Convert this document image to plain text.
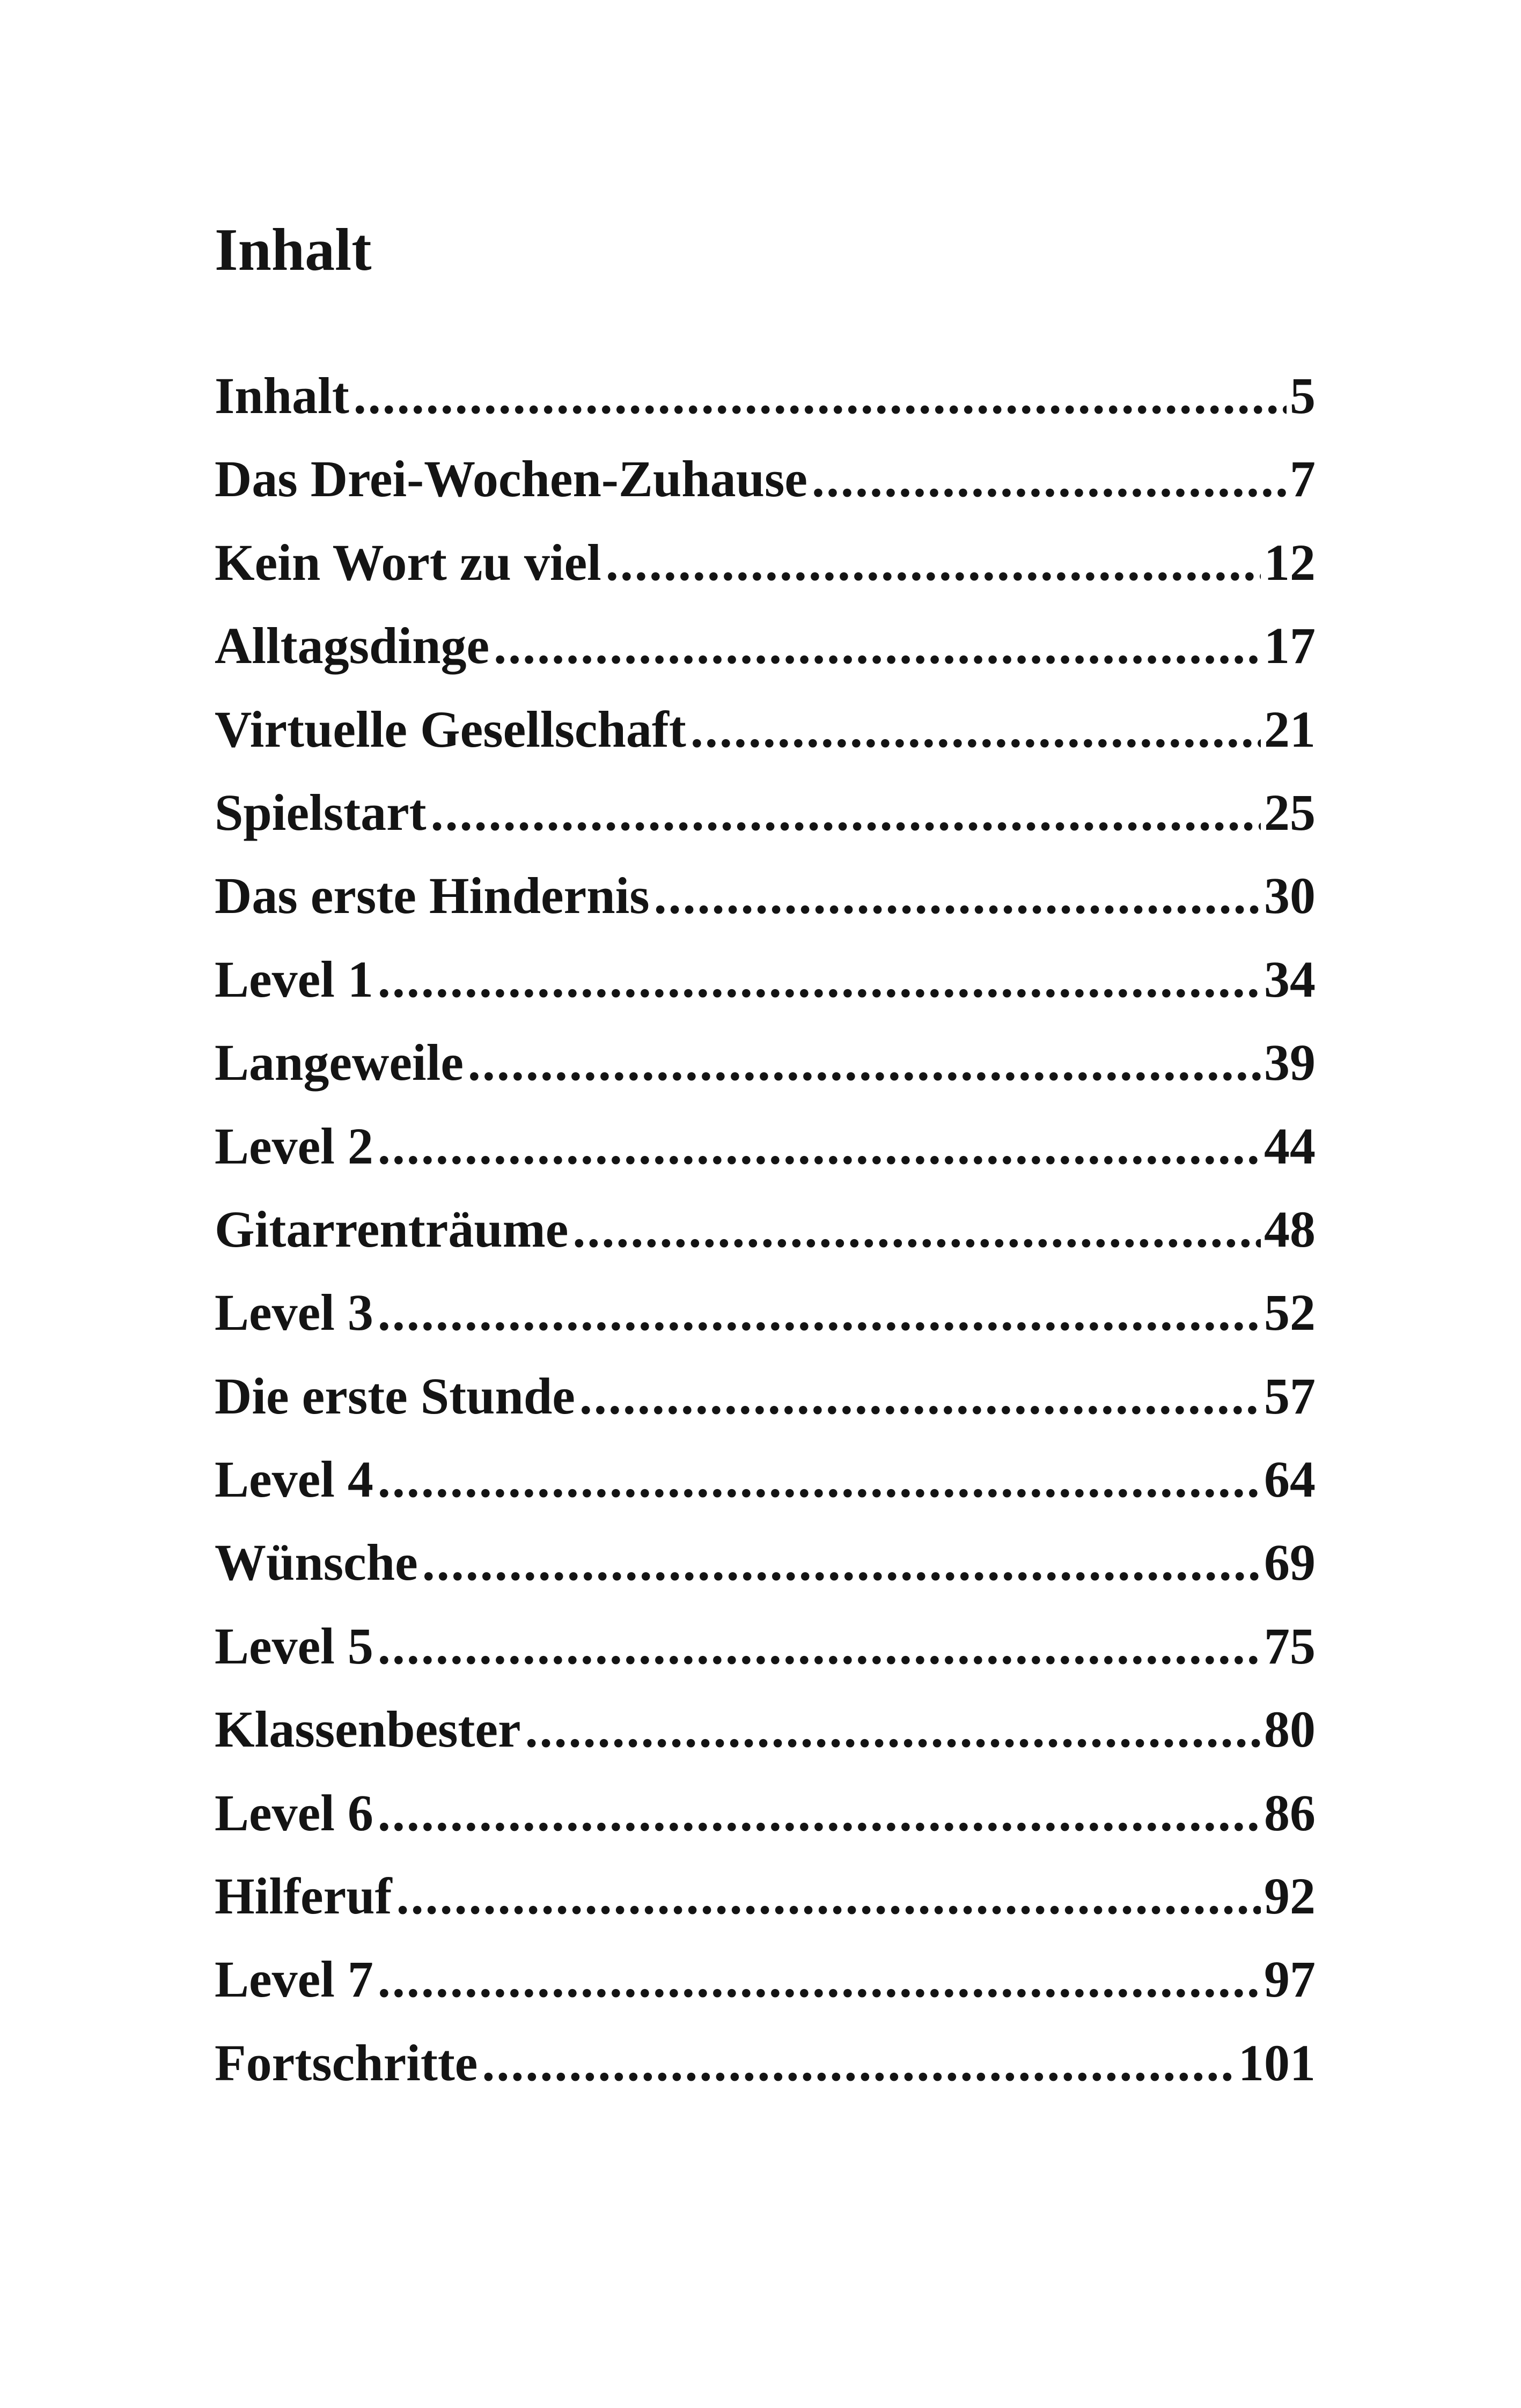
Inhalt
Inhalt .....	5
Das Drei-Wochen-Zuhause .....	7
Kein Wort zu viel .....	12
Alltagsdinge .....	17
Virtuelle Gesellschaft .....	21
Spielstart .....	25
Das erste Hindernis .....	30
Level 1 .....	34
Langeweile .....	39
Level 2 .....	44
Gitarrenträume .....	48
Level 3 .....	52
Die erste Stunde .....	57
Level 4 .....	64
Wünsche .....	69
Level 5 .....	75
Klassenbester .....	80
Level 6 .....	86
Hilferuf .....	92
Level 7 .....	97
Fortschritte .....	101
